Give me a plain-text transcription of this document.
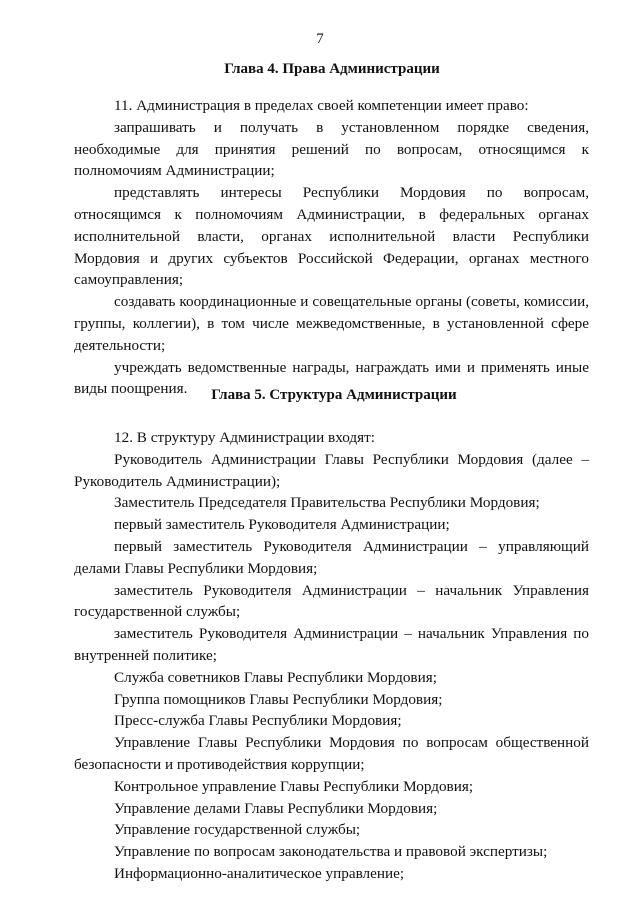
7
Глава 4. Права Администрации

11. Администрация в пределах своей компетенции имеет право:

запрашивать и получать в установленном порядке сведения, необходимые для принятия решений по вопросам, относящимся к полномочиям Администрации;

представлять интересы Республики Мордовия по вопросам, относящимся к полномочиям Администрации, в федеральных органах исполнительной власти, органах исполнительной власти Республики Мордовия и других субъектов Российской Федерации, органах местного самоуправления;

создавать координационные и совещательные органы (советы, комиссии, группы, коллегии), в том числе межведомственные, в установленной сфере деятельности;

учреждать ведомственные награды, награждать ими и применять иные виды поощрения.	Глава 5. Структура Администрации

12. В структуру Администрации входят:

Руководитель Администрации Главы Республики Мордовия (далее – Руководитель Администрации);

Заместитель Председателя Правительства Республики Мордовия;

первый заместитель Руководителя Администрации;

первый заместитель Руководителя Администрации – управляющий делами Главы Республики Мордовия;

заместитель Руководителя Администрации – начальник Управления государственной службы;

заместитель Руководителя Администрации – начальник Управления по внутренней политике;

Служба советников Главы Республики Мордовия;

Группа помощников Главы Республики Мордовия;

Пресс-служба Главы Республики Мордовия;

Управление Главы Республики Мордовия по вопросам общественной безопасности и противодействия коррупции;

Контрольное управление Главы Республики Мордовия;

Управление делами Главы Республики Мордовия;

Управление государственной службы;

Управление по вопросам законодательства и правовой экспертизы;

Информационно-аналитическое управление;
